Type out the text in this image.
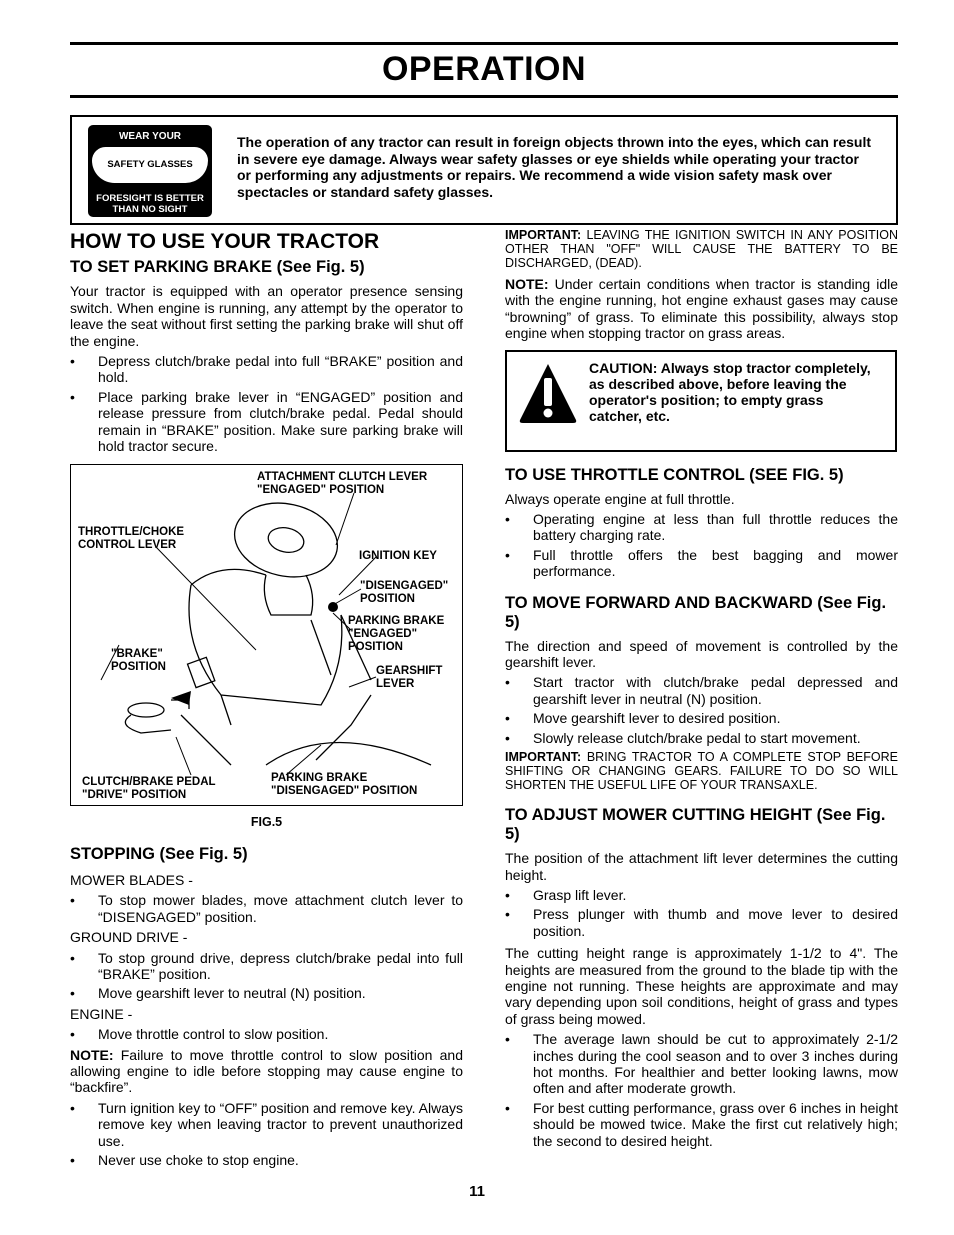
OPERATION
WEAR YOUR
SAFETY GLASSES
FORESIGHT IS BETTER
THAN NO SIGHT
The operation of any tractor can result in foreign objects thrown into the eyes, which can result in severe eye damage. Always wear safety glasses or eye shields while operating your tractor or performing any adjustments or repairs. We recommend a wide vision safety mask over spectacles or standard safety glasses.
HOW TO USE YOUR TRACTOR
TO SET PARKING BRAKE (See Fig. 5)

Your tractor is equipped with an operator presence sensing switch. When engine is running, any attempt by the operator to leave the seat without first setting the parking brake will shut off the engine.

• Depress clutch/brake pedal into full “BRAKE” position and hold.
• Place parking brake lever in “ENGAGED” position and release pressure from clutch/brake pedal. Pedal should remain in “BRAKE” position. Make sure parking brake will hold tractor secure.
ATTACHMENT CLUTCH LEVER
"ENGAGED" POSITION
THROTTLE/CHOKE
CONTROL LEVER
IGNITION KEY
"DISENGAGED"
POSITION
PARKING BRAKE
"ENGAGED"
POSITION
"BRAKE"
POSITION	GEARSHIFT
LEVER
CLUTCH/BRAKE PEDAL
"DRIVE" POSITION
PARKING BRAKE
"DISENGAGED" POSITION
FIG.5
STOPPING (See Fig. 5)

MOWER BLADES -

• To stop mower blades, move attachment clutch lever to “DISENGAGED” position.

GROUND DRIVE -

• To stop ground drive, depress clutch/brake pedal into full “BRAKE” position.
• Move gearshift lever to neutral (N) position.

ENGINE -

• Move throttle control to slow position.

NOTE: Failure to move throttle control to slow position and allowing engine to idle before stopping may cause engine to “backfire”.

• Turn ignition key to “OFF” position and remove key. Always remove key when leaving tractor to prevent unauthorized use.
• Never use choke to stop engine.

IMPORTANT: LEAVING THE IGNITION SWITCH IN ANY POSITION OTHER THAN "OFF" WILL CAUSE THE BATTERY TO BE DISCHARGED, (DEAD).

NOTE: Under certain conditions when tractor is standing idle with the engine running, hot engine exhaust gases may cause “browning” of grass. To eliminate this possibility, always stop engine when stopping tractor on grass areas.

CAUTION: Always stop tractor completely, as described above, before leaving the operator's position; to empty grass catcher, etc.
TO USE THROTTLE CONTROL (SEE FIG. 5)

Always operate engine at full throttle.

• Operating engine at less than full throttle reduces the battery charging rate.
• Full throttle offers the best bagging and mower performance.
TO MOVE FORWARD AND BACKWARD (See Fig. 5)

The direction and speed of movement is controlled by the gearshift lever.

• Start tractor with clutch/brake pedal depressed and gearshift lever in neutral (N) position.
• Move gearshift lever to desired position.
• Slowly release clutch/brake pedal to start movement.

IMPORTANT: BRING TRACTOR TO A COMPLETE STOP BEFORE SHIFTING OR CHANGING GEARS. FAILURE TO DO SO WILL SHORTEN THE USEFUL LIFE OF YOUR TRANSAXLE.

TO ADJUST MOWER CUTTING HEIGHT (See Fig. 5)

The position of the attachment lift lever determines the cutting height.

• Grasp lift lever.
• Press plunger with thumb and move lever to desired position.

The cutting height range is approximately 1-1/2 to 4". The heights are measured from the ground to the blade tip with the engine not running. These heights are approximate and may vary depending upon soil conditions, height of grass and types of grass being mowed.

• The average lawn should be cut to approximately 2-1/2 inches during the cool season and to over 3 inches during hot months. For healthier and better looking lawns, mow often and after moderate growth.
• For best cutting performance, grass over 6 inches in height should be mowed twice. Make the first cut relatively high; the second to desired height.
11
